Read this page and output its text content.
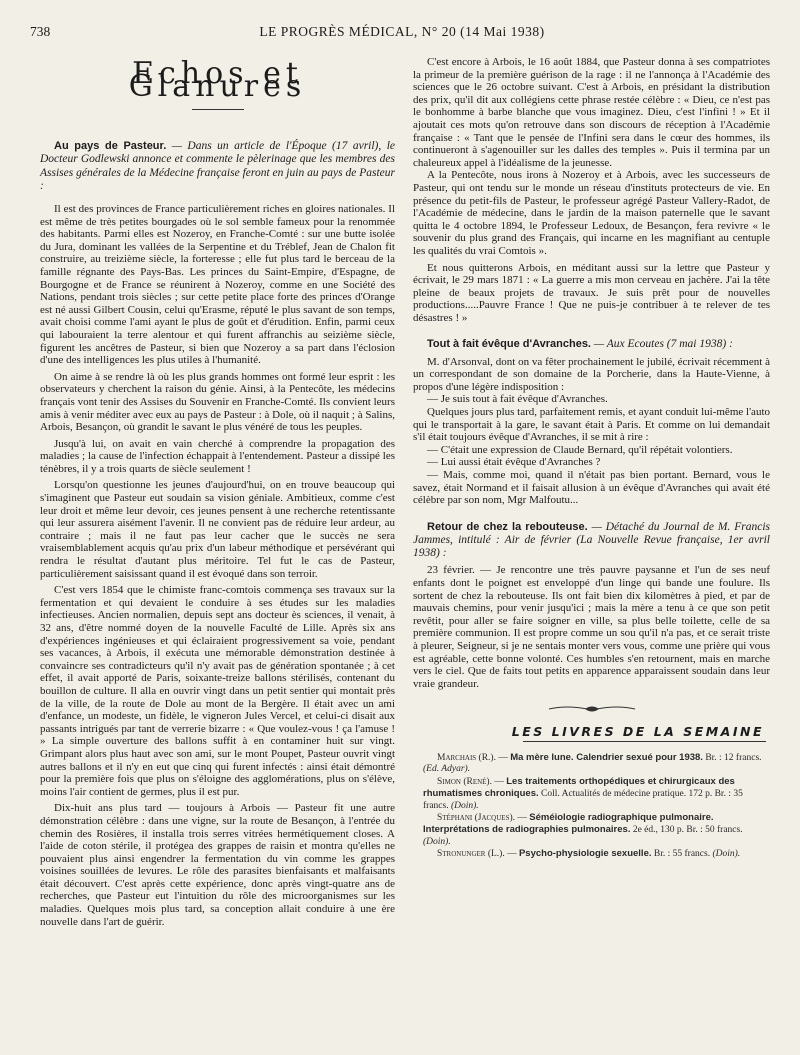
738	LE PROGRÈS MÉDICAL, N° 20 (14 Mai 1938)
Echos et Glanures

Au pays de Pasteur. — Dans un article de l'Époque (17 avril), le Docteur Godlewski annonce et commente le pèlerinage que les membres des Assises générales de la Médecine française feront en juin au pays de Pasteur :

Il est des provinces de France particulièrement riches en gloires nationales. Il est même de très petites bourgades où le sol semble fameux pour la renommée des habitants. Parmi elles est Nozeroy, en Franche-Comté : sur une butte isolée du Jura, dominant les vallées de la Serpentine et du Tréblef, Jean de Chalon fit construire, au treizième siècle, la forteresse ; elle fut plus tard le berceau de la famille régnante des Pays-Bas. Les princes du Saint-Empire, d'Espagne, de Bourgogne et de France se réunirent à Nozeroy, comme en une Société des Nations, pendant trois siècles ; sur cette petite place forte des princes d'Orange est né aussi Gilbert Cousin, celui qu'Erasme, réputé le plus savant de son temps, avait choisi comme l'ami ayant le plus de goût et d'érudition. Enfin, parmi ceux qui labouraient la terre alentour et qui furent affranchis au seizième siècle, figurent les ancêtres de Pasteur, si bien que Nozeroy a sa part dans l'éclosion d'une des intelligences les plus utiles à l'humanité.

On aime à se rendre là où les plus grands hommes ont formé leur esprit : les observateurs y cherchent la raison du génie. Ainsi, à la Pentecôte, les médecins français vont tenir des Assises du Souvenir en Franche-Comté. Ils convient leurs amis à venir méditer avec eux au pays de Pasteur : à Dole, où il naquit ; à Salins, Arbois, Besançon, où grandit le savant le plus vénéré de tous les peuples.

Jusqu'à lui, on avait en vain cherché à comprendre la propagation des maladies ; la cause de l'infection échappait à l'entendement. Pasteur a dissipé les ténèbres, il y a trois quarts de siècle seulement !

Lorsqu'on questionne les jeunes d'aujourd'hui, on en trouve beaucoup qui s'imaginent que Pasteur eut soudain sa vision géniale. Ambitieux, comme c'est leur droit et même leur devoir, ces jeunes pensent à une recherche retentissante qui leur assurera aisément l'avenir. Il ne convient pas de réduire leur ardeur, au contraire ; mais il ne faut pas leur cacher que le succès ne sera vraisemblablement acquis qu'au prix d'un labeur méthodique et persévérant qui rendra le résultat d'autant plus méritoire. Tel fut le cas de Pasteur, particulièrement saisissant quand il est évoqué dans son terroir.

C'est vers 1854 que le chimiste franc-comtois commença ses travaux sur la fermentation et qui devaient le conduire à ses études sur les maladies infectieuses. Ancien normalien, depuis sept ans docteur ès sciences, il venait, à 32 ans, d'être nommé doyen de la nouvelle Faculté de Lille. Après six ans d'expériences ingénieuses et qui éclairaient progressivement sa voie, pendant ses vacances, à Arbois, il exécuta une mémorable démonstration destinée à convaincre ses contradicteurs qu'il n'y avait pas de génération spontanée ; à cet effet, il avait apporté de Paris, soixante-treize ballons stérilisés, contenant du bouillon de culture. Il alla en ouvrir vingt dans un petit sentier qui montait près de la ville, de la route de Dole au mont de la Bergère. Il était avec un ami d'enfance, un modeste, un fidèle, le vigneron Jules Vercel, et celui-ci disait aux passants intrigués par tant de verrerie bizarre : « Que voulez-vous ! ça l'amuse ! » La simple ouverture des ballons suffit à en contaminer huit sur vingt. Grimpant alors plus haut avec son ami, sur le mont Poupet, Pasteur ouvrit vingt autres ballons et il n'y en eut que cinq qui furent infectés : ainsi était démontré pour la première fois que plus on s'éloigne des agglomérations, plus on s'élève, moins l'air contient de germes, plus il est pur.

Dix-huit ans plus tard — toujours à Arbois — Pasteur fit une autre démonstration célèbre : dans une vigne, sur la route de Besançon, à l'entrée du chemin des Rosières, il installa trois serres vitrées hermétiquement closes. A l'aide de coton stérile, il protégea des grappes de raisin et montra qu'elles ne pouvaient plus ainsi engendrer la fermentation du vin comme les grappes voisines souillées de levures. Le rôle des parasites bienfaisants et malfaisants était découvert. C'est après cette expérience, donc après vingt-quatre ans de recherches, que Pasteur eut l'intuition du rôle des microorganismes sur les maladies. Quelques mois plus tard, sa conception allait conduire à une ère nouvelle dans l'art de guérir.

C'est encore à Arbois, le 16 août 1884, que Pasteur donna à ses compatriotes la primeur de la première guérison de la rage : il ne l'annonça à l'Académie des sciences que le 26 octobre suivant. C'est à Arbois, en présidant la distribution des prix, qu'il dit aux collégiens cette phrase restée célèbre : « Dieu, ce n'est pas le bonhomme à barbe blanche que vous imaginez. Dieu, c'est l'infini ! » Et il ajoutait ces mots qu'on retrouve dans son discours de réception à l'Académie française : « Tant que le pensée de l'Infini sera dans le cœur des hommes, ils continueront à s'agenouiller sur les dalles des temples ». Puis il termina par un chaleureux appel à l'idéalisme de la jeunesse.

A la Pentecôte, nous irons à Nozeroy et à Arbois, avec les successeurs de Pasteur, qui ont tendu sur le monde un réseau d'instituts protecteurs de vie. En présence du petit-fils de Pasteur, le professeur agrégé Pasteur Vallery-Radot, de l'Académie de médecine, dans le jardin de la maison paternelle que le savant quitta le 4 octobre 1894, le Professeur Ledoux, de Besançon, fera revivre « le souvenir du plus grand des Français, qui incarne en les magnifiant au centuple les qualités du vrai Comtois ».

Et nous quitterons Arbois, en méditant aussi sur la lettre que Pasteur y écrivait, le 29 mars 1871 : « La guerre a mis mon cerveau en jachère. J'ai la tête pleine de beaux projets de travaux. Je suis prêt pour de nouvelles productions.....Pauvre France ! Que ne puis-je contribuer à te relever de tes désastres ! »

Tout à fait évêque d'Avranches. — Aux Ecoutes (7 mai 1938) :

M. d'Arsonval, dont on va fêter prochainement le jubilé, écrivait récemment à un correspondant de son domaine de la Porcherie, dans la Haute-Vienne, à propos d'une légère indisposition :

— Je suis tout à fait évêque d'Avranches.

Quelques jours plus tard, parfaitement remis, et ayant conduit lui-même l'auto qui le transportait à la gare, le savant était à Paris. Et comme on lui demandait s'il était toujours évêque d'Avranches, il se mit à rire :

— C'était une expression de Claude Bernard, qu'il répétait volontiers.

— Lui aussi était évêque d'Avranches ?

— Mais, comme moi, quand il n'était pas bien portant. Bernard, vous le savez, était Normand et il faisait allusion à un évêque d'Avranches qui avait été célèbre par son nom, Mgr Malfoutu...

Retour de chez la rebouteuse. — Détaché du Journal de M. Francis Jammes, intitulé : Air de février (La Nouvelle Revue française, 1er avril 1938) :

23 février. — Je rencontre une très pauvre paysanne et l'un de ses neuf enfants dont le poignet est enveloppé d'un linge qui bande une foulure. Ils sortent de chez la rebouteuse. Ils ont fait bien dix kilomètres à pied, et par de mauvais chemins, pour venir jusqu'ici ; mais la mère a tenu à ce que son petit revêtit, pour aller se faire soigner en ville, sa plus belle toilette, celle de sa première communion. Il est propre comme un sou qu'il n'a pas, et ce serait triste à pleurer, Seigneur, si je ne sentais monter vers vous, comme une prière qui vous est agréable, cette bonne volonté. Ces humbles s'en retournent, mais en marche vers le ciel. Que de faits tout petits en apparence apparaissent soudain dans leur vraie grandeur.

LES LIVRES DE LA SEMAINE

Marchais (R.). — Ma mère lune. Calendrier sexué pour 1938. Br. : 12 francs. (Ed. Adyar).

Simon (René). — Les traitements orthopédiques et chirurgicaux des rhumatismes chroniques. Coll. Actualités de médecine pratique. 172 p. Br. : 35 francs. (Doin).

Stéphani (Jacques). — Séméiologie radiographique pulmonaire. Interprétations de radiographies pulmonaires. 2e éd., 130 p. Br. : 50 francs. (Doin).

Stronunger (L.). — Psycho-physiologie sexuelle. Br. : 55 francs. (Doin).
